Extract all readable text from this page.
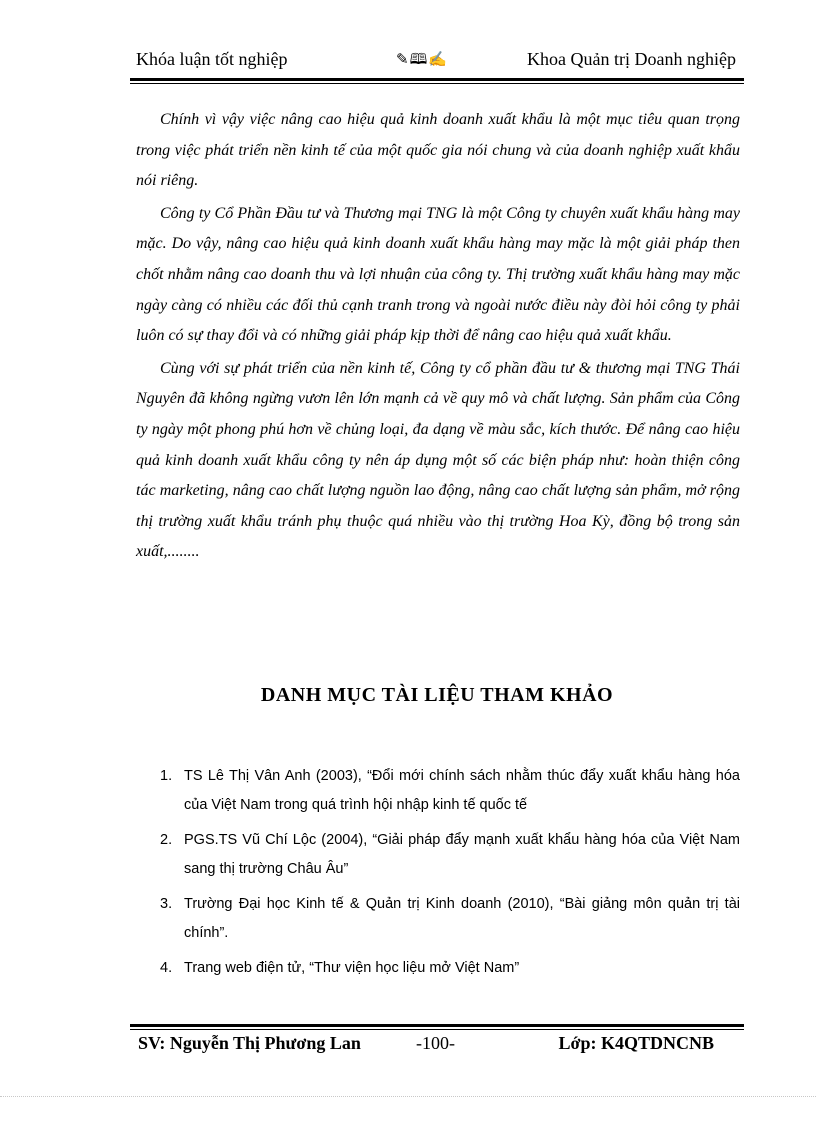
Khóa luận tốt nghiệp	✎🕮✍	Khoa Quản trị Doanh nghiệp

Chính vì vậy việc nâng cao hiệu quả kinh doanh xuất khẩu là một mục tiêu quan trọng trong việc phát triển nền kinh tế của một quốc gia nói chung và của doanh nghiệp xuất khẩu nói riêng.

Công ty Cổ Phần Đầu tư và Thương mại TNG là một Công ty chuyên xuất khẩu hàng may mặc. Do vậy, nâng cao hiệu quả kinh doanh xuất khẩu hàng may mặc là một giải pháp then chốt nhằm nâng cao doanh thu và lợi nhuận của công ty. Thị trường xuất khẩu hàng may mặc ngày càng có nhiều các đối thủ cạnh tranh trong và ngoài nước điều này đòi hỏi công ty phải luôn có sự thay đổi và có những giải pháp kịp thời để nâng cao hiệu quả xuất khẩu.

Cùng với sự phát triển của nền kinh tế, Công ty cổ phần đầu tư & thương mại TNG Thái Nguyên đã không ngừng vươn lên lớn mạnh cả về quy mô và chất lượng. Sản phẩm của Công ty ngày một phong phú hơn về chủng loại, đa dạng về màu sắc, kích thước. Để nâng cao hiệu quả kinh doanh xuất khẩu công ty nên áp dụng một số các biện pháp như: hoàn thiện công tác marketing, nâng cao chất lượng nguồn lao động, nâng cao chất lượng sản phẩm, mở rộng thị trường xuất khẩu tránh phụ thuộc quá nhiều vào thị trường Hoa Kỳ, đồng bộ trong sản xuất,........

DANH MỤC TÀI LIỆU THAM KHẢO
1. TS Lê Thị Vân Anh (2003), “Đổi mới chính sách nhằm thúc đẩy xuất khẩu hàng hóa của Việt Nam trong quá trình hội nhập kinh tế quốc tế
2. PGS.TS Vũ Chí Lộc (2004), “Giải pháp đẩy mạnh xuất khẩu hàng hóa của Việt Nam sang thị trường Châu Âu”
3. Trường Đại học Kinh tế & Quản trị Kinh doanh (2010), “Bài giảng môn quản trị tài chính”.
4. Trang web điện tử, “Thư viện học liệu mở Việt Nam”
SV: Nguyễn Thị Phương Lan	-100-	Lớp: K4QTDNCNB
